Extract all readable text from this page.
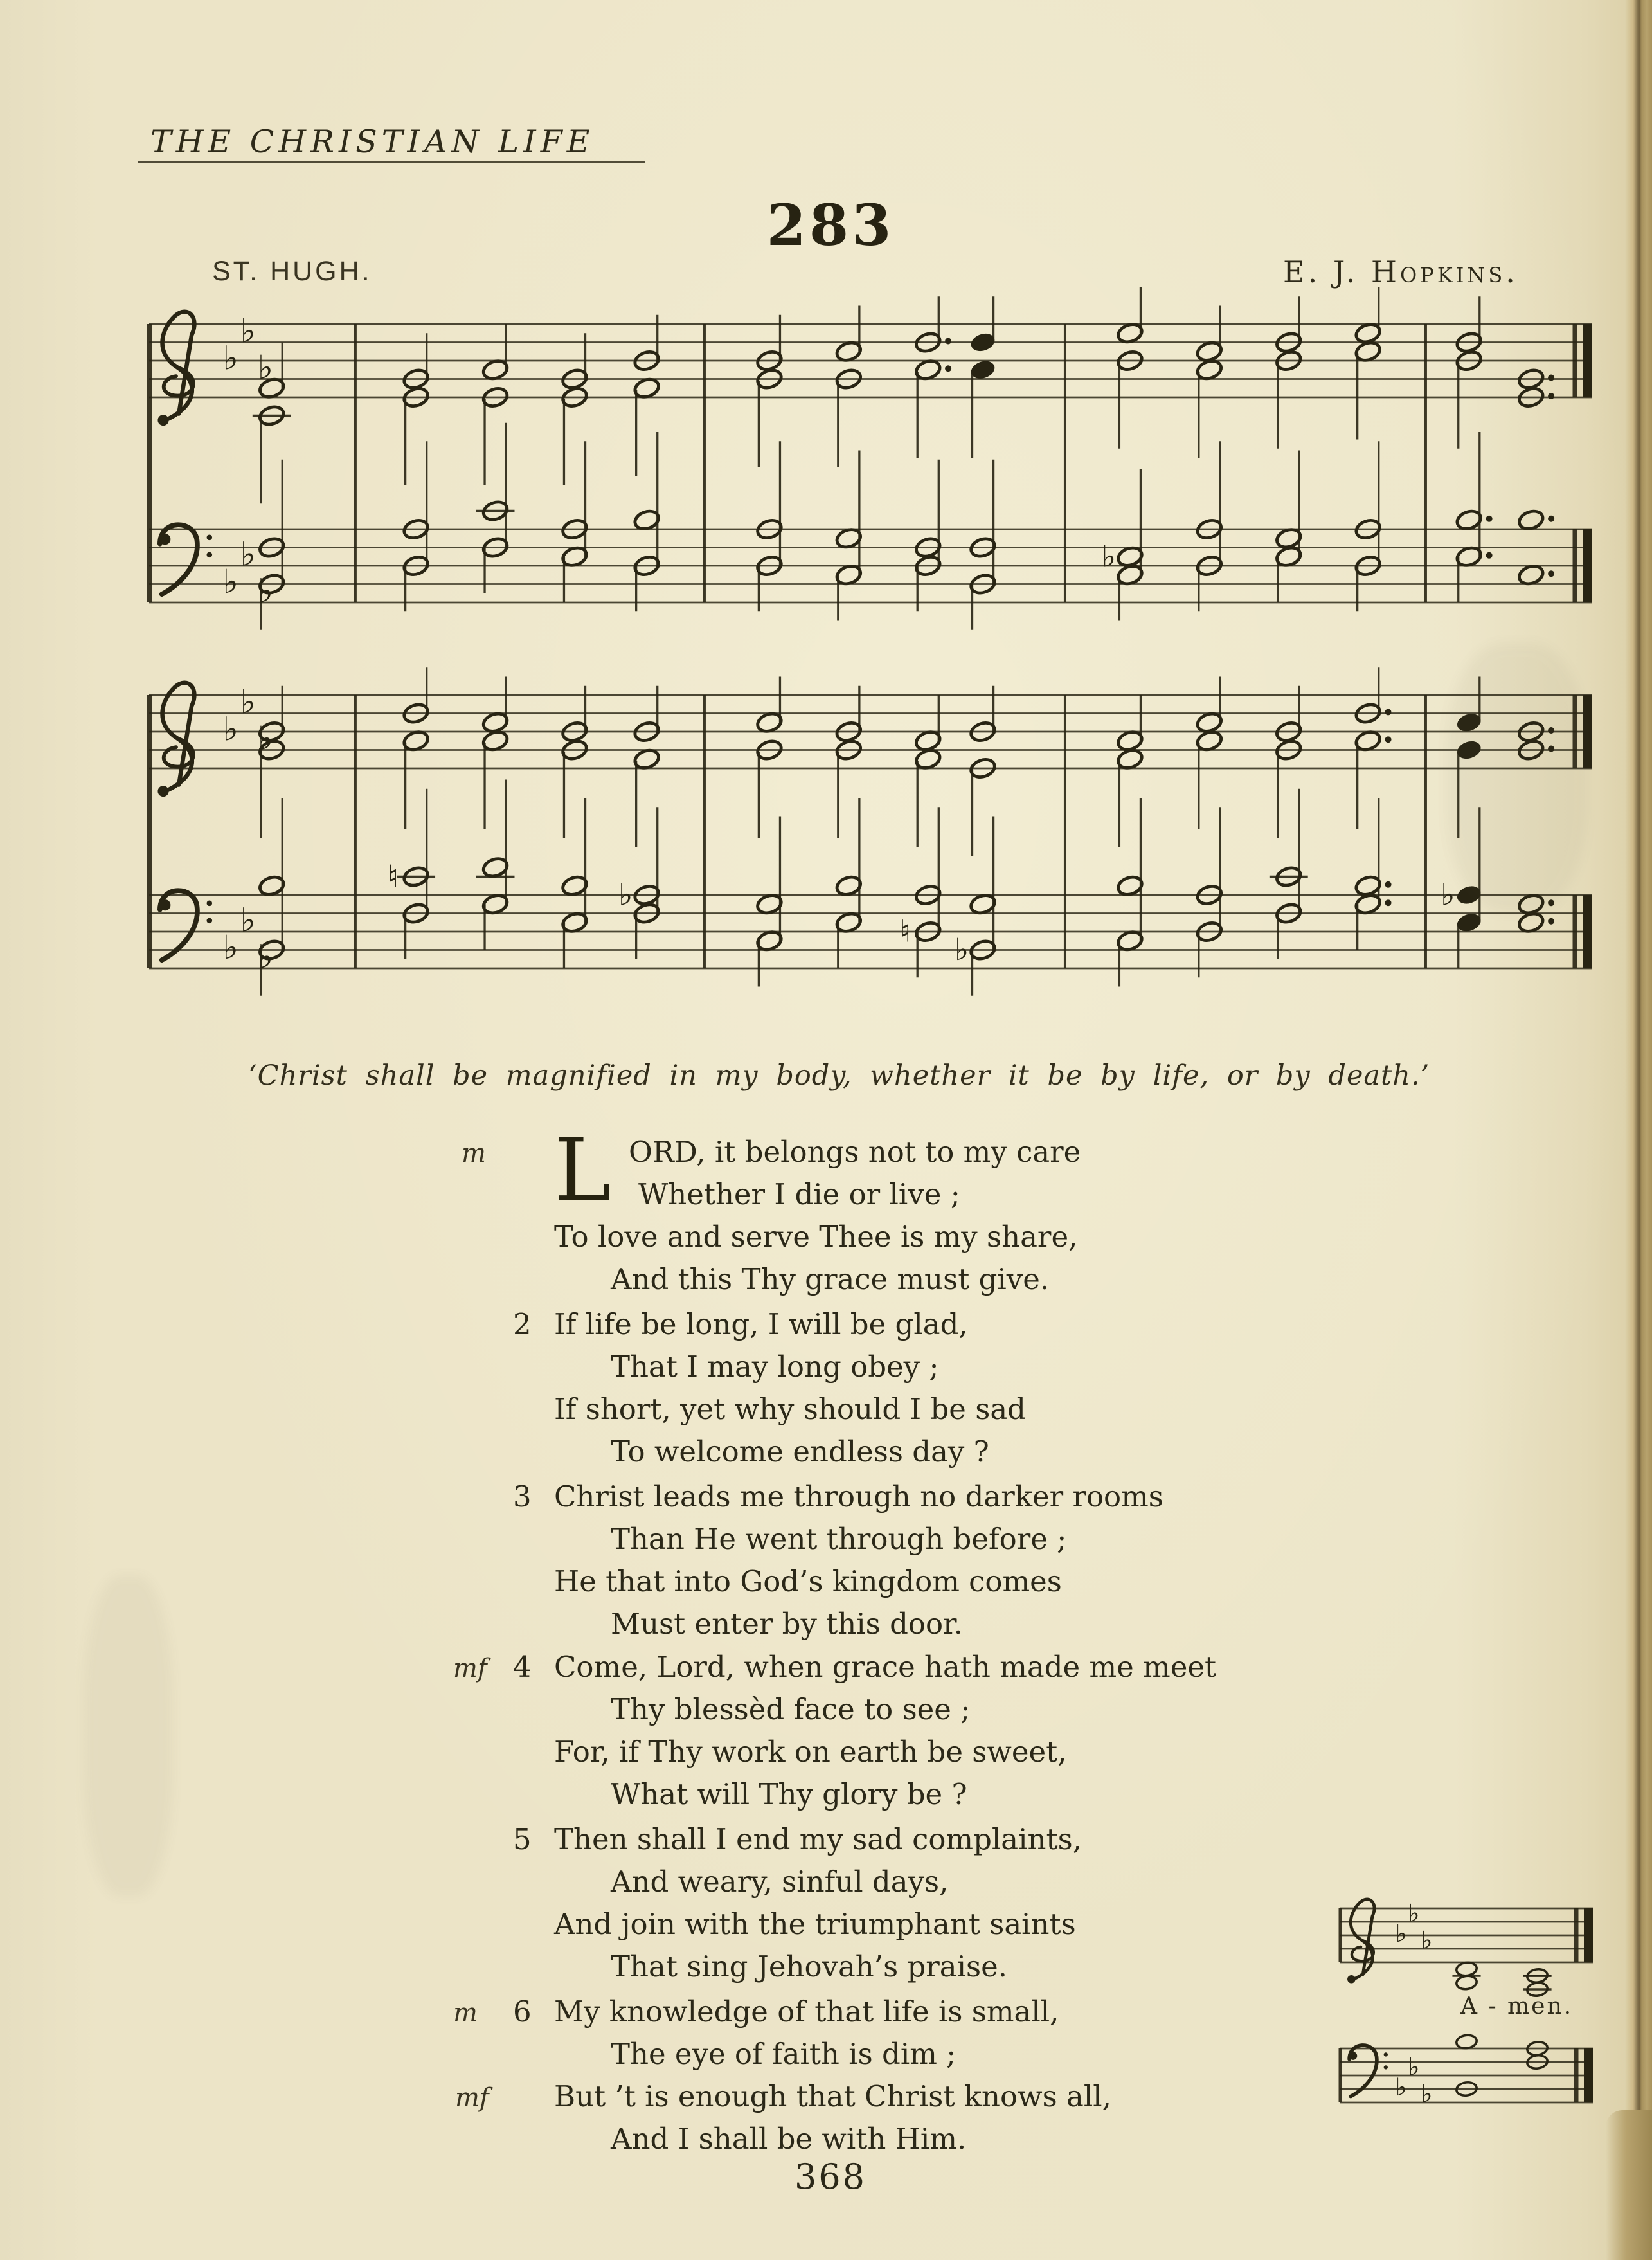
THE CHRISTIAN LIFE
283
ST. HUGH.	E. J. Hopkins.
♭
♭
♭
♭
♭
♭
♭
♭
♭
♭
♭
♭
♭
♮
♭
♮
♭
♭
♭
♭
♭
♭
♭
♭
‘Christ shall be magnified in my body, whether it be by life, or by death.’
m L ORD, it belongs not to my care
Whether I die or live ;
To love and serve Thee is my share,
And this Thy grace must give.
2 If life be long, I will be glad,
That I may long obey ;
If short, yet why should I be sad
To welcome endless day ?
3 Christ leads me through no darker rooms
Than He went through before ;
He that into God’s kingdom comes
Must enter by this door.
mf 4 Come, Lord, when grace hath made me meet
Thy blessèd face to see ;
For, if Thy work on earth be sweet,
What will Thy glory be ?
5 Then shall I end my sad complaints,
And weary, sinful days,
And join with the triumphant saints
That sing Jehovah’s praise.
m
mf
6 My knowledge of that life is small,
The eye of faith is dim ;
But ’t is enough that Christ knows all,
And I shall be with Him.
A - men.
368
